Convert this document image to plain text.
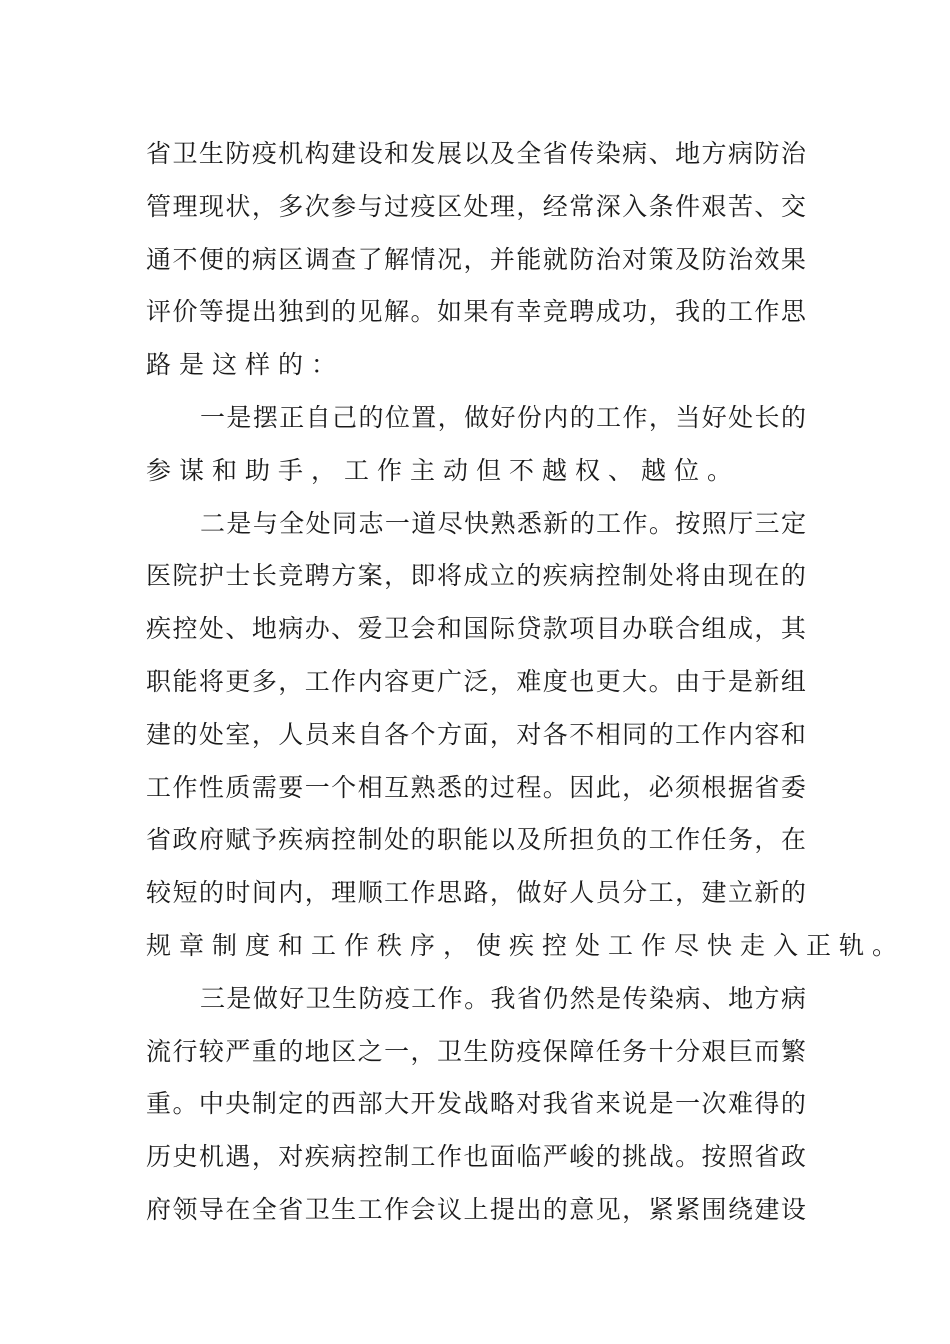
省 卫 生 防 疫 机 构 建 设 和 发 展 以 及 全 省 传 染 病 、 地 方 病 防 治
管 理 现 状 ， 多 次 参 与 过 疫 区 处 理 ， 经 常 深 入 条 件 艰 苦 、 交
通 不 便 的 病 区 调 查 了 解 情 况 ， 并 能 就 防 治 对 策 及 防 治 效 果
评 价 等 提 出 独 到 的 见 解 。 如 果 有 幸 竞 聘 成 功 ， 我 的 工 作 思
路是这样的：
一 是 摆 正 自 己 的 位 置 ， 做 好 份 内 的 工 作 ， 当 好 处 长 的
参谋和助手，工作主动但不越权、越位。
二 是 与 全 处 同 志 一 道 尽 快 熟 悉 新 的 工 作 。 按 照 厅 三 定
医 院 护 士 长 竞 聘 方 案 ， 即 将 成 立 的 疾 病 控 制 处 将 由 现 在 的
疾 控 处 、 地 病 办 、 爱 卫 会 和 国 际 贷 款 项 目 办 联 合 组 成 ， 其
职 能 将 更 多 ， 工 作 内 容 更 广 泛 ， 难 度 也 更 大 。 由 于 是 新 组
建 的 处 室 ， 人 员 来 自 各 个 方 面 ， 对 各 不 相 同 的 工 作 内 容 和
工 作 性 质 需 要 一 个 相 互 熟 悉 的 过 程 。 因 此 ， 必 须 根 据 省 委
省 政 府 赋 予 疾 病 控 制 处 的 职 能 以 及 所 担 负 的 工 作 任 务 ， 在
较 短 的 时 间 内 ， 理 顺 工 作 思 路 ， 做 好 人 员 分 工 ， 建 立 新 的
规章制度和工作秩序，使疾控处工作尽快走入正轨。
三 是 做 好 卫 生 防 疫 工 作 。 我 省 仍 然 是 传 染 病 、 地 方 病
流 行 较 严 重 的 地 区 之 一 ， 卫 生 防 疫 保 障 任 务 十 分 艰 巨 而 繁
重 。 中 央 制 定 的 西 部 大 开 发 战 略 对 我 省 来 说 是 一 次 难 得 的
历 史 机 遇 ， 对 疾 病 控 制 工 作 也 面 临 严 峻 的 挑 战 。 按 照 省 政
府 领 导 在 全 省 卫 生 工 作 会 议 上 提 出 的 意 见 ， 紧 紧 围 绕 建 设
